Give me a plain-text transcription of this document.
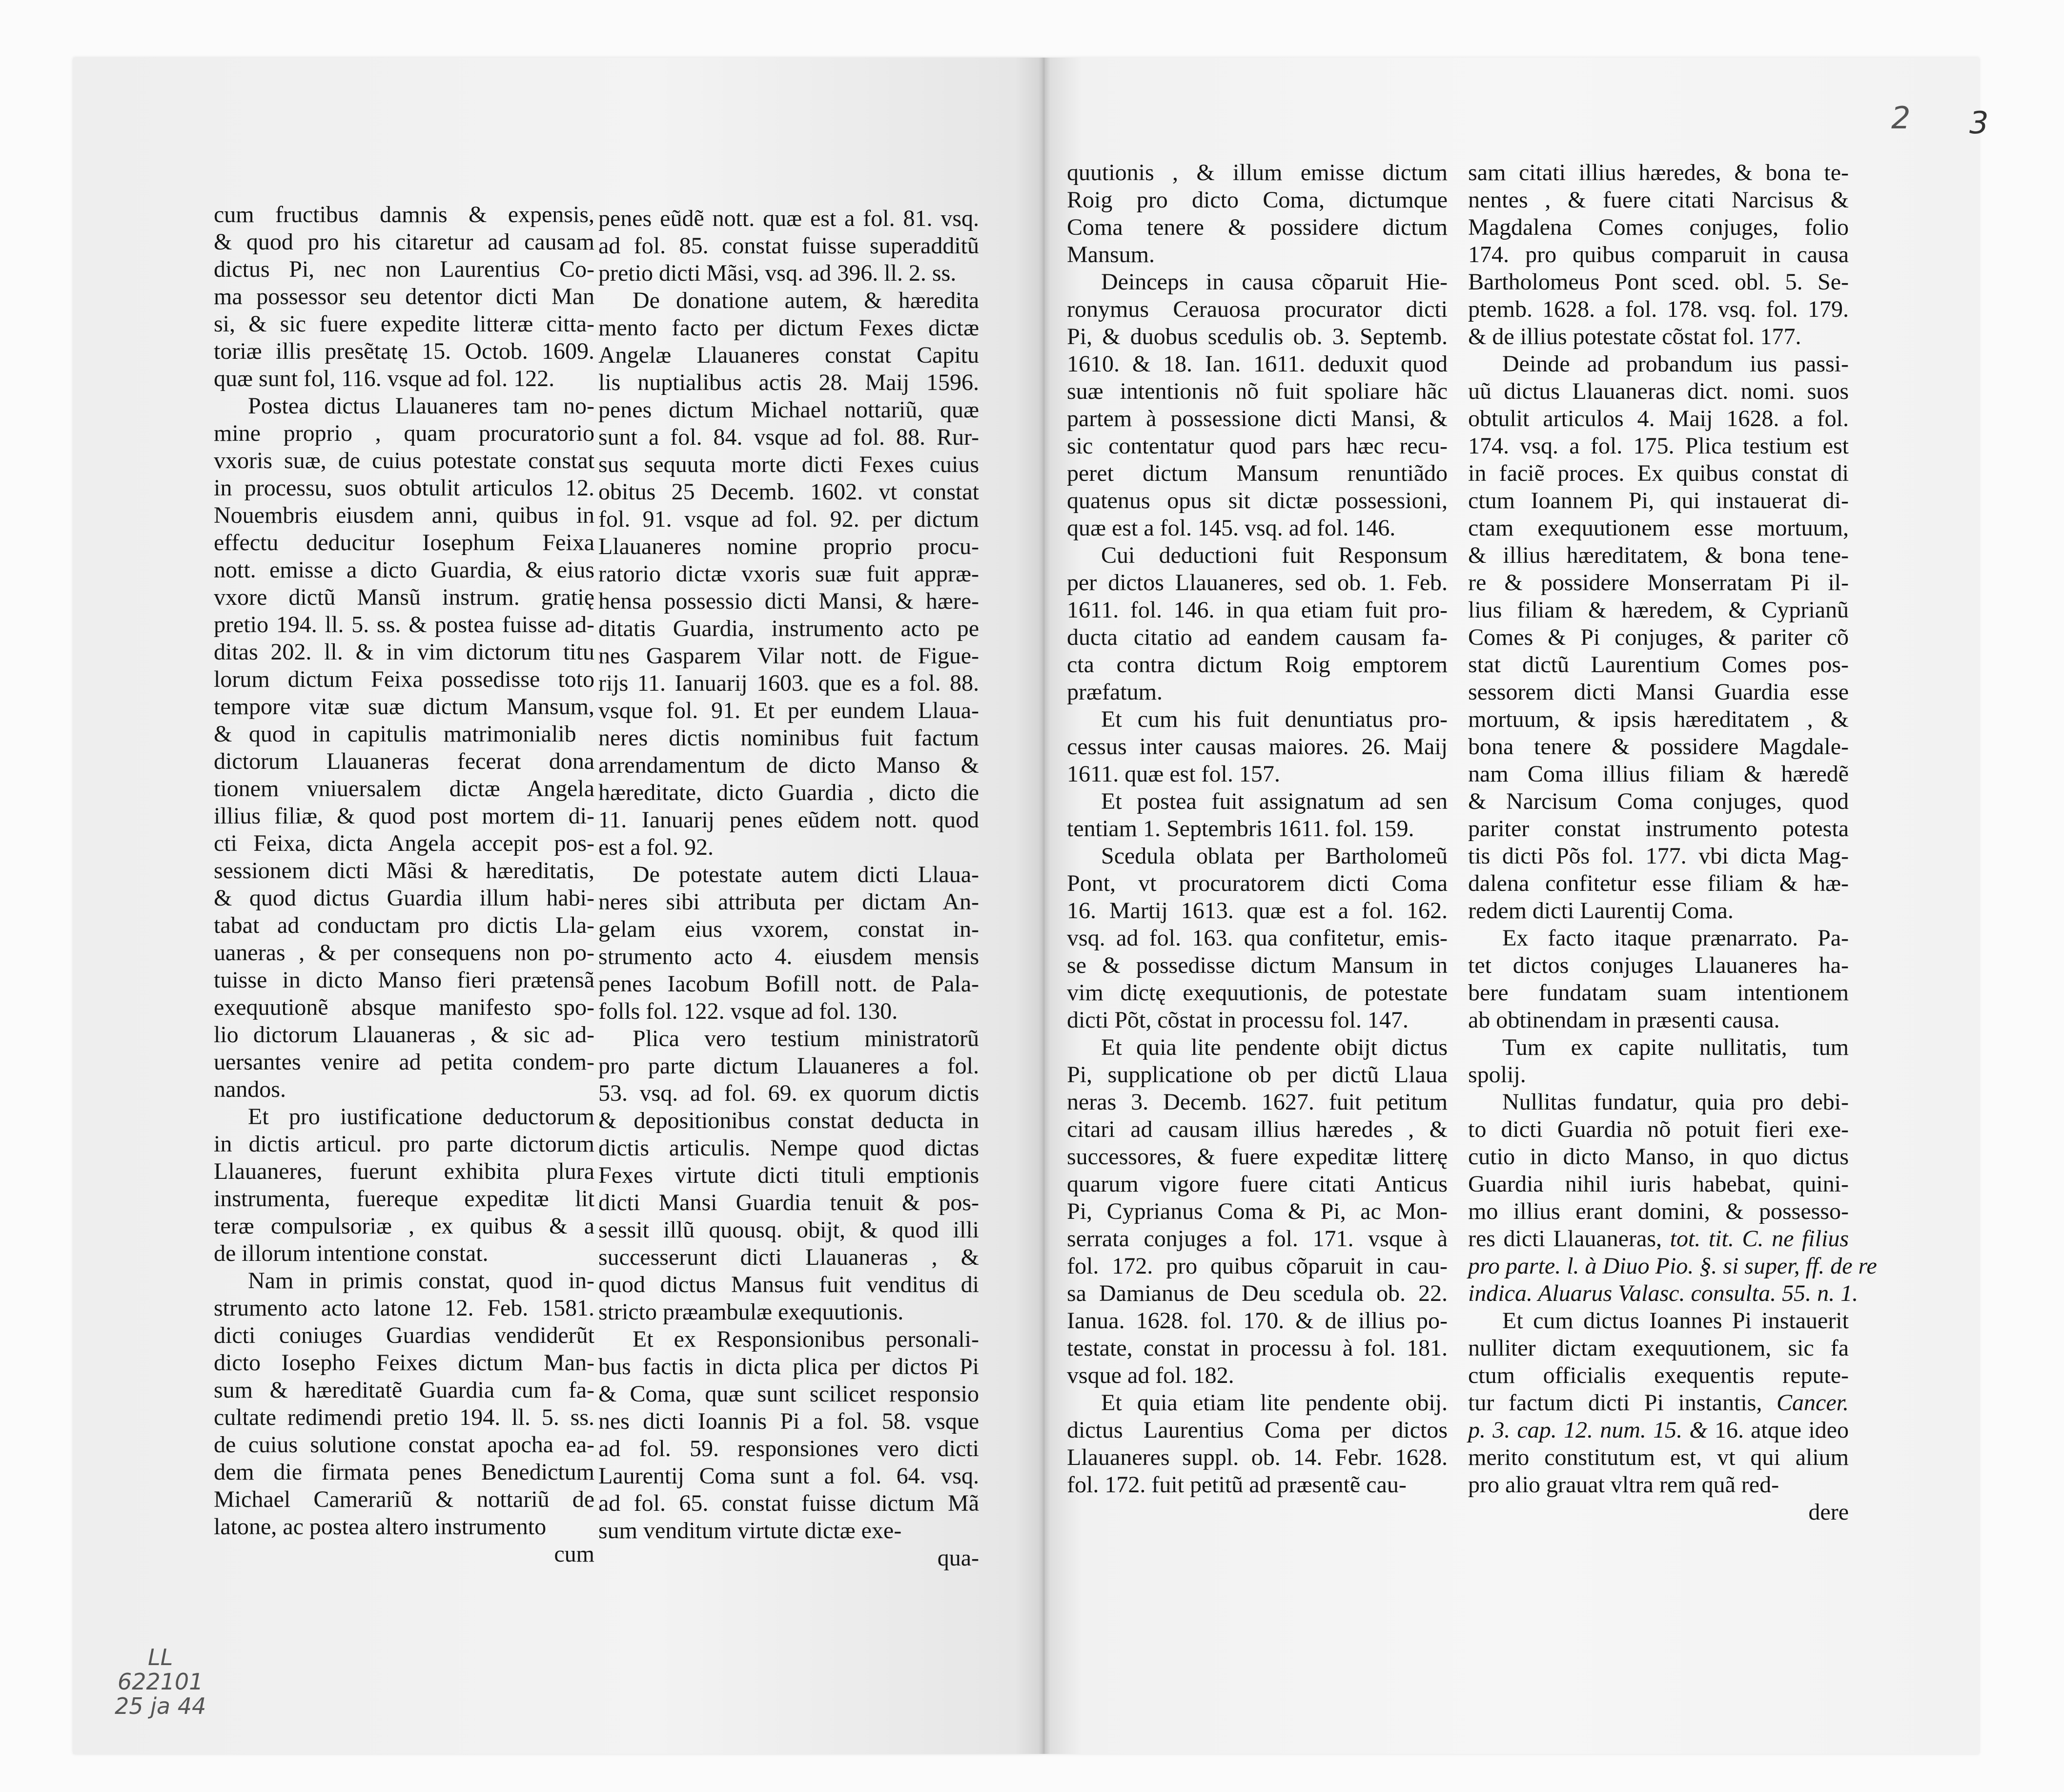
cum fructibus damnis & expensis,
& quod pro his citaretur ad causam
dictus Pi, nec non Laurentius Co-
ma possessor seu detentor dicti Man
si, & sic fuere expedite litteræ citta-
toriæ illis presẽtatę 15. Octob. 1609.
quæ sunt fol, 116. vsque ad fol. 122.
Postea dictus Llauaneres tam no-
mine proprio , quam procuratorio
vxoris suæ, de cuius potestate constat
in processu, suos obtulit articulos 12.
Nouembris eiusdem anni, quibus in
effectu deducitur Iosephum Feixa
nott. emisse a dicto Guardia, & eius
vxore dictũ Mansũ instrum. gratię
pretio 194. ll. 5. ss. & postea fuisse ad-
ditas 202. ll. & in vim dictorum titu
lorum dictum Feixa possedisse toto
tempore vitæ suæ dictum Mansum,
& quod in capitulis matrimonialib᷒
dictorum Llauaneras fecerat dona
tionem vniuersalem dictæ Angela
illius filiæ, & quod post mortem di-
cti Feixa, dicta Angela accepit pos-
sessionem dicti Mãsi & hæreditatis,
& quod dictus Guardia illum habi-
tabat ad conductam pro dictis Lla-
uaneras , & per consequens non po-
tuisse in dicto Manso fieri prætensã
exequutionẽ absque manifesto spo-
lio dictorum Llauaneras , & sic ad-
uersantes venire ad petita condem-
nandos.
Et pro iustificatione deductorum
in dictis articul. pro parte dictorum
Llauaneres, fuerunt exhibita plura
instrumenta, fuereque expeditæ lit
teræ compulsoriæ , ex quibus & a
de illorum intentione constat.
Nam in primis constat, quod in-
strumento acto latone 12. Feb. 1581.
dicti coniuges Guardias vendiderũt
dicto Iosepho Feixes dictum Man-
sum & hæreditatẽ Guardia cum fa-
cultate redimendi pretio 194. ll. 5. ss.
de cuius solutione constat apocha ea-
dem die firmata penes Benedictum
Michael Camerariũ & nottariũ de
latone, ac postea altero instrumento
cum
penes eũdẽ nott. quæ est a fol. 81. vsq.
ad fol. 85. constat fuisse superadditũ
pretio dicti Mãsi, vsq. ad 396. ll. 2. ss.
De donatione autem, & hæredita
mento facto per dictum Fexes dictæ
Angelæ Llauaneres constat Capitu
lis nuptialibus actis 28. Maij 1596.
penes dictum Michael nottariũ, quæ
sunt a fol. 84. vsque ad fol. 88. Rur-
sus sequuta morte dicti Fexes cuius
obitus 25 Decemb. 1602. vt constat
fol. 91. vsque ad fol. 92. per dictum
Llauaneres nomine proprio procu-
ratorio dictæ vxoris suæ fuit appræ-
hensa possessio dicti Mansi, & hære-
ditatis Guardia, instrumento acto pe
nes Gasparem Vilar nott. de Figue-
rijs 11. Ianuarij 1603. que es a fol. 88.
vsque fol. 91. Et per eundem Llaua-
neres dictis nominibus fuit factum
arrendamentum de dicto Manso &
hæreditate, dicto Guardia , dicto die
11. Ianuarij penes eũdem nott. quod
est a fol. 92.
De potestate autem dicti Llaua-
neres sibi attributa per dictam An-
gelam eius vxorem, constat in-
strumento acto 4. eiusdem mensis
penes Iacobum Bofill nott. de Pala-
folls fol. 122. vsque ad fol. 130.
Plica vero testium ministratorũ
pro parte dictum Llauaneres a fol.
53. vsq. ad fol. 69. ex quorum dictis
& depositionibus constat deducta in
dictis articulis. Nempe quod dictas
Fexes virtute dicti tituli emptionis
dicti Mansi Guardia tenuit & pos-
sessit illũ quousq. obijt, & quod illi
successerunt dicti Llauaneras , &
quod dictus Mansus fuit venditus di
stricto præambulæ exequutionis.
Et ex Responsionibus personali-
bus factis in dicta plica per dictos Pi
& Coma, quæ sunt scilicet responsio
nes dicti Ioannis Pi a fol. 58. vsque
ad fol. 59. responsiones vero dicti
Laurentij Coma sunt a fol. 64. vsq.
ad fol. 65. constat fuisse dictum Mã
sum venditum virtute dictæ exe-
qua-
quutionis , & illum emisse dictum
Roig pro dicto Coma, dictumque
Coma tenere & possidere dictum
Mansum.
Deinceps in causa cõparuit Hie-
ronymus Cerauosa procurator dicti
Pi, & duobus scedulis ob. 3. Septemb.
1610. & 18. Ian. 1611. deduxit quod
suæ intentionis nõ fuit spoliare hãc
partem à possessione dicti Mansi, &
sic contentatur quod pars hæc recu-
peret dictum Mansum renuntiãdo
quatenus opus sit dictæ possessioni,
quæ est a fol. 145. vsq. ad fol. 146.
Cui deductioni fuit Responsum
per dictos Llauaneres, sed ob. 1. Feb.
1611. fol. 146. in qua etiam fuit pro-
ducta citatio ad eandem causam fa-
cta contra dictum Roig emptorem
præfatum.
Et cum his fuit denuntiatus pro-
cessus inter causas maiores. 26. Maij
1611. quæ est fol. 157.
Et postea fuit assignatum ad sen
tentiam 1. Septembris 1611. fol. 159.
Scedula oblata per Bartholomeũ
Pont, vt procuratorem dicti Coma
16. Martij 1613. quæ est a fol. 162.
vsq. ad fol. 163. qua confitetur, emis-
se & possedisse dictum Mansum in
vim dictę exequutionis, de potestate
dicti Põt, cõstat in processu fol. 147.
Et quia lite pendente obijt dictus
Pi, supplicatione ob per dictũ Llaua
neras 3. Decemb. 1627. fuit petitum
citari ad causam illius hæredes , &
successores, & fuere expeditæ litterę
quarum vigore fuere citati Anticus
Pi, Cyprianus Coma & Pi, ac Mon-
serrata conjuges a fol. 171. vsque à
fol. 172. pro quibus cõparuit in cau-
sa Damianus de Deu scedula ob. 22.
Ianua. 1628. fol. 170. & de illius po-
testate, constat in processu à fol. 181.
vsque ad fol. 182.
Et quia etiam lite pendente obij.
dictus Laurentius Coma per dictos
Llauaneres suppl. ob. 14. Febr. 1628.
fol. 172. fuit petitũ ad præsentẽ cau-
sam citati illius hæredes, & bona te-
nentes , & fuere citati Narcisus &
Magdalena Comes conjuges, folio
174. pro quibus comparuit in causa
Bartholomeus Pont sced. obl. 5. Se-
ptemb. 1628. a fol. 178. vsq. fol. 179.
& de illius potestate cõstat fol. 177.
Deinde ad probandum ius passi-
uũ dictus Llauaneras dict. nomi. suos
obtulit articulos 4. Maij 1628. a fol.
174. vsq. a fol. 175. Plica testium est
in faciẽ proces. Ex quibus constat di
ctum Ioannem Pi, qui instauerat di-
ctam exequutionem esse mortuum,
& illius hæreditatem, & bona tene-
re & possidere Monserratam Pi il-
lius filiam & hæredem, & Cyprianũ
Comes & Pi conjuges, & pariter cõ
stat dictũ Laurentium Comes pos-
sessorem dicti Mansi Guardia esse
mortuum, & ipsis hæreditatem , &
bona tenere & possidere Magdale-
nam Coma illius filiam & hæredẽ
& Narcisum Coma conjuges, quod
pariter constat instrumento potesta
tis dicti Põs fol. 177. vbi dicta Mag-
dalena confitetur esse filiam & hæ-
redem dicti Laurentij Coma.
Ex facto itaque prænarrato. Pa-
tet dictos conjuges Llauaneres ha-
bere fundatam suam intentionem
ab obtinendam in præsenti causa.
Tum ex capite nullitatis, tum
spolij.
Nullitas fundatur, quia pro debi-
to dicti Guardia nõ potuit fieri exe-
cutio in dicto Manso, in quo dictus
Guardia nihil iuris habebat, quini-
mo illius erant domini, & possesso-
res dicti Llauaneras, tot. tit. C. ne filius
pro parte. l. à Diuo Pio. §. si super, ff. de re
indica. Aluarus Valasc. consulta. 55. n. 1.
Et cum dictus Ioannes Pi instauerit
nulliter dictam exequutionem, sic fa
ctum officialis exequentis repute-
tur factum dicti Pi instantis, Cancer.
p. 3. cap. 12. num. 15. & 16. atque ideo
merito constitutum est, vt qui alium
pro alio grauat vltra rem quã red-
dere
2 3
LL
622101
25 ja 44
